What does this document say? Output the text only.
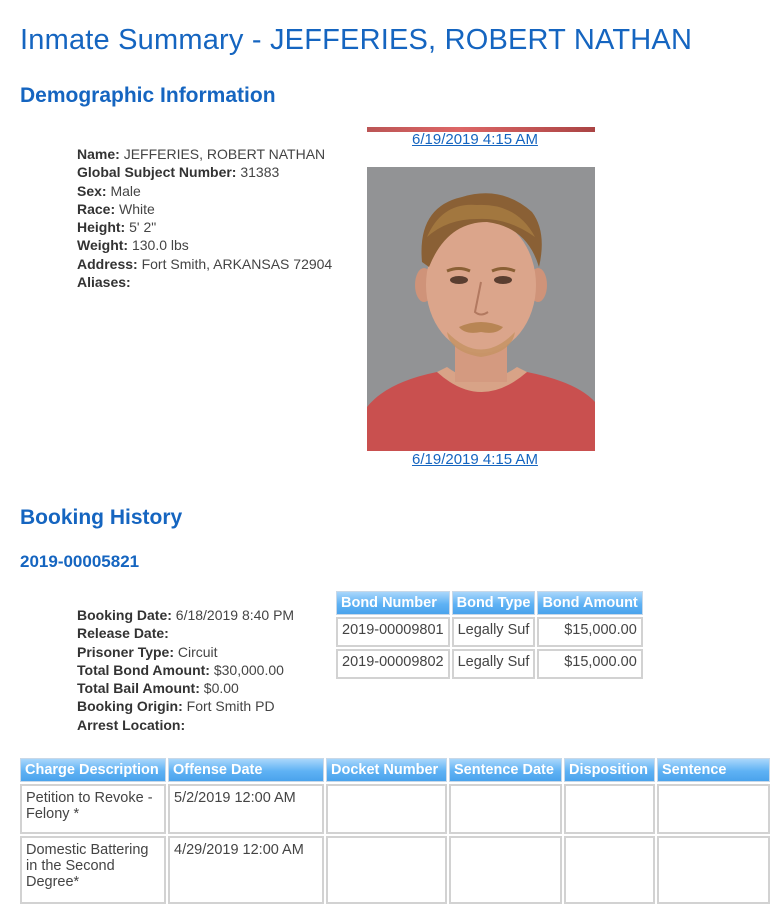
Inmate Summary - JEFFERIES, ROBERT NATHAN
Demographic Information
Name: JEFFERIES, ROBERT NATHAN
Global Subject Number: 31383
Sex: Male
Race: White
Height: 5' 2"
Weight: 130.0 lbs
Address: Fort Smith, ARKANSAS 72904
Aliases:
6/19/2019 4:15 AM
6/19/2019 4:15 AM
Booking History
2019-00005821
Booking Date: 6/18/2019 8:40 PM
Release Date:
Prisoner Type: Circuit
Total Bond Amount: $30,000.00
Total Bail Amount: $0.00
Booking Origin: Fort Smith PD
Arrest Location:
Bond Number	Bond Type	Bond Amount
2019-00009801	Legally Suf	$15,000.00
2019-00009802	Legally Suf	$15,000.00
Charge Description	Offense Date	Docket Number	Sentence Date	Disposition	Sentence
Petition to Revoke - Felony *	5/2/2019 12:00 AM				
Domestic Battering in the Second Degree*	4/29/2019 12:00 AM				
